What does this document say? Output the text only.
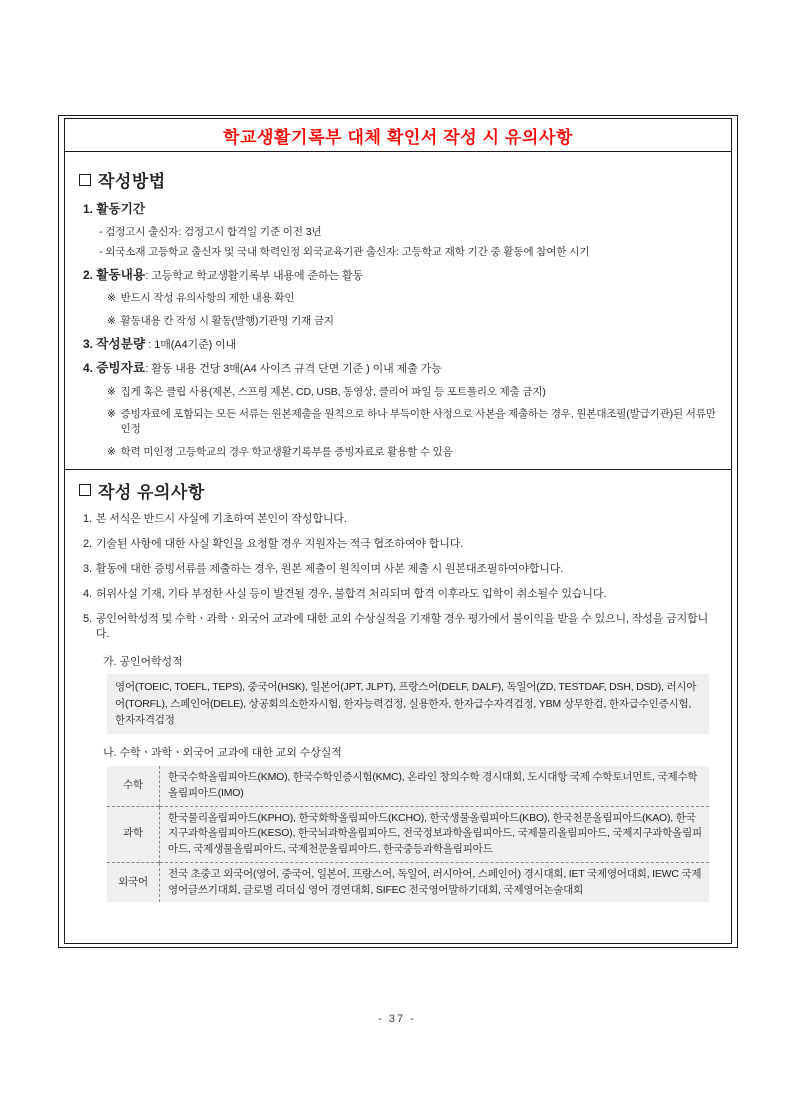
학교생활기록부 대체 확인서 작성 시 유의사항
작성방법
1. 활동기간
- 검정고시 출신자: 검정고시 합격일 기준 이전 3년
- 외국소재 고등학교 출신자 및 국내 학력인정 외국교육기관 출신자: 고등학교 재학 기간 중 활동에 참여한 시기
2. 활동내용: 고등학교 학교생활기록부 내용에 준하는 활동
※ 반드시 작성 유의사항의 제한 내용 확인
※ 활동내용 칸 작성 시 활동(발행)기관명 기재 금지
3. 작성분량 : 1매(A4기준) 이내
4. 증빙자료: 활동 내용 건당 3매(A4 사이즈 규격 단면 기준 ) 이내 제출 가능
※ 집게 혹은 클립 사용(제본, 스프링 제본, CD, USB, 동영상, 클리어 파일 등 포트폴리오 제출 금지)
※ 증빙자료에 포함되는 모든 서류는 원본제출을 원칙으로 하나 부득이한 사정으로 사본을 제출하는 경우, 원본대조필(발급기관)된 서류만 인정
※ 학력 미인정 고등학교의 경우 학교생활기록부를 증빙자료로 활용할 수 있음
작성 유의사항
1. 본 서식은 반드시 사실에 기초하여 본인이 작성합니다.
2. 기술된 사항에 대한 사실 확인을 요청할 경우 지원자는 적극 협조하여야 합니다.
3. 활동에 대한 증빙서류를 제출하는 경우, 원본 제출이 원칙이며 사본 제출 시 원본대조필하여야합니다.
4. 허위사실 기재, 기타 부정한 사실 등이 발견될 경우, 불합격 처리되며 합격 이후라도 입학이 취소될수 있습니다.
5. 공인어학성적 및 수학ㆍ과학ㆍ외국어 교과에 대한 교외 수상실적을 기재할 경우 평가에서 불이익을 받을 수 있으니, 작성을 금지합니다.
가. 공인어학성적
영어(TOEIC, TOEFL, TEPS), 중국어(HSK), 일본어(JPT, JLPT), 프랑스어(DELF, DALF), 독일어(ZD, TESTDAF, DSH, DSD), 러시아어(TORFL), 스페인어(DELE), 상공회의소한자시험, 한자능력검정, 실용한자, 한자급수자격검정, YBM 상무한검, 한자급수인증시험, 한자자격검정
나. 수학ㆍ과학ㆍ외국어 교과에 대한 교외 수상실적
수학	한국수학올림피아드(KMO), 한국수학인증시험(KMC), 온라인 창의수학 경시대회, 도시대항 국제 수학토너먼트, 국제수학올림피아드(IMO)
과학	한국물리올림피아드(KPHO), 한국화학올림피아드(KCHO), 한국생물올림피아드(KBO), 한국천문올림피아드(KAO), 한국지구과학올림피아드(KESO), 한국뇌과학올림피아드, 전국정보과학올림피아드, 국제물리올림피아드, 국제지구과학올림피아드, 국제생물올림피아드, 국제천문올림피아드, 한국중등과학올림피아드
외국어	전국 초중고 외국어(영어, 중국어, 일본어, 프랑스어, 독일어, 러시아어, 스페인어) 경시대회, IET 국제영어대회, IEWC 국제영어글쓰기대회, 글로벌 리더십 영어 경연대회, SIFEC 전국영어말하기대회, 국제영어논술대회
- 37 -
